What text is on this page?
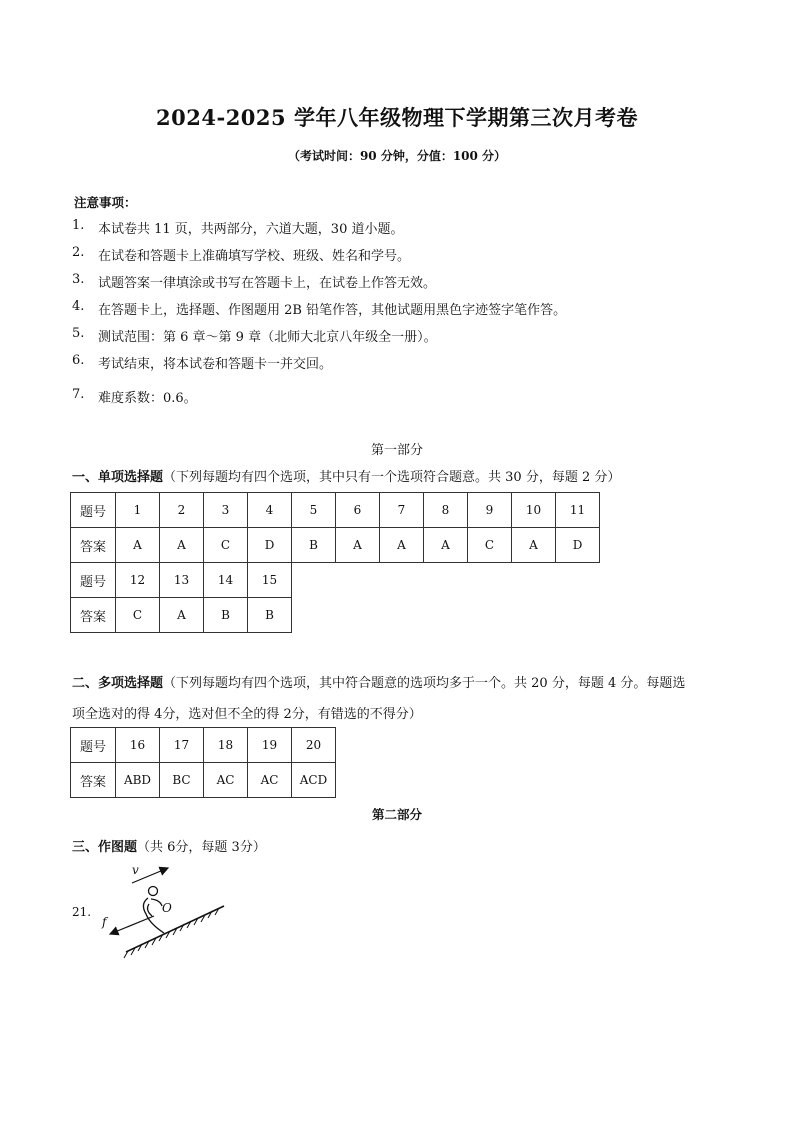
2024-2025 学年八年级物理下学期第三次月考卷
（考试时间：90 分钟，分值：100 分）
注意事项：
1.	本试卷共 11 页，共两部分，六道大题，30 道小题。
2.	在试卷和答题卡上准确填写学校、班级、姓名和学号。
3.	试题答案一律填涂或书写在答题卡上，在试卷上作答无效。
4.	在答题卡上，选择题、作图题用 2B 铅笔作答，其他试题用黑色字迹签字笔作答。
5.	测试范围：第 6 章～第 9 章（北师大北京八年级全一册）。
6.	考试结束，将本试卷和答题卡一并交回。
7.	难度系数：0.6。
第一部分
一、单项选择题（下列每题均有四个选项，其中只有一个选项符合题意。共 30 分，每题 2 分）
题号	1	2	3	4	5	6	7	8	9	10	11
答案	A	A	C	D	B	A	A	A	C	A	D
题号	12	13	14	15							
答案	C	A	B	B							
二、多项选择题（下列每题均有四个选项，其中符合题意的选项均多于一个。共 20 分，每题 4 分。每题选
项全选对的得 4分，选对但不全的得 2分，有错选的不得分）
题号	16	17	18	19	20
答案	ABD	BC	AC	AC	ACD
第二部分
三、作图题（共 6分，每题 3分）
21.
v
f
O
